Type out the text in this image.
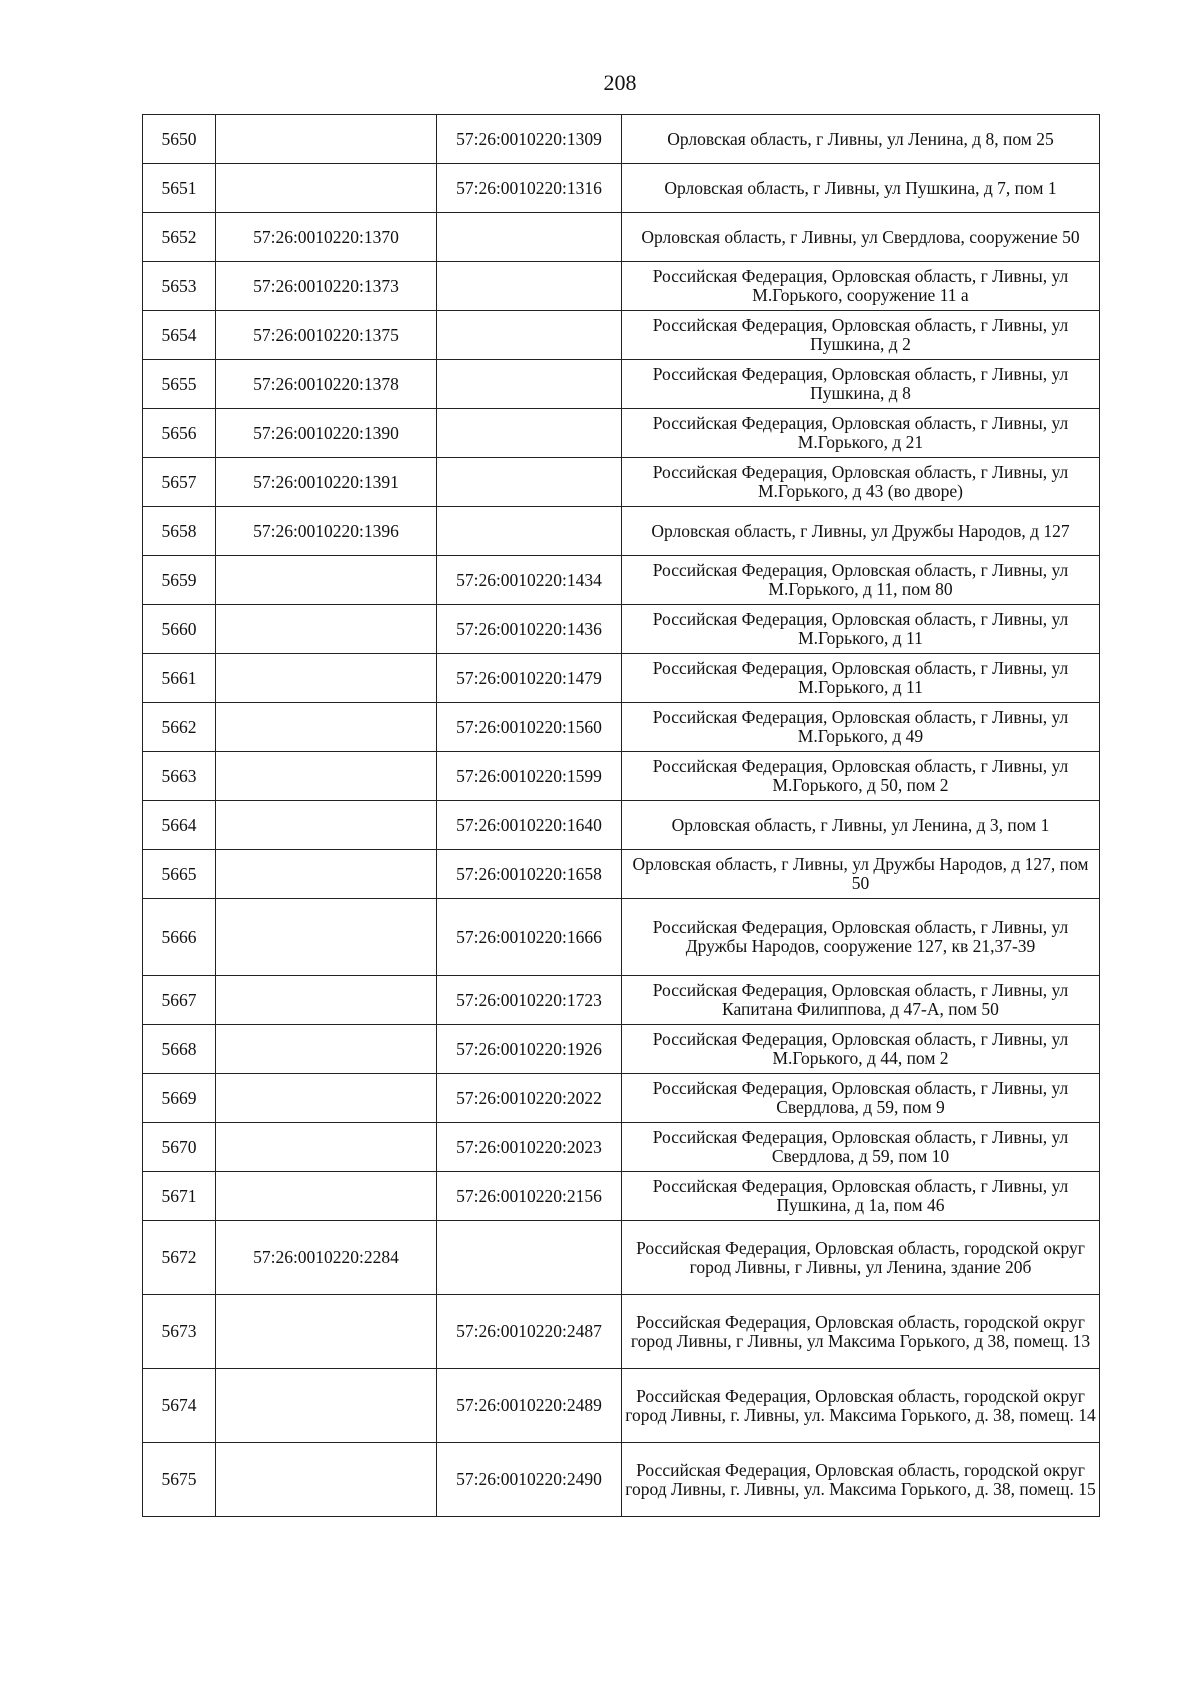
208
5650		57:26:0010220:1309	Орловская область, г Ливны, ул Ленина, д 8, пом 25
5651		57:26:0010220:1316	Орловская область, г Ливны, ул Пушкина, д 7, пом 1
5652	57:26:0010220:1370		Орловская область, г Ливны, ул Свердлова, сооружение 50
5653	57:26:0010220:1373		Российская Федерация, Орловская область, г Ливны, ул М.Горького, сооружение 11 а
5654	57:26:0010220:1375		Российская Федерация, Орловская область, г Ливны, ул Пушкина, д 2
5655	57:26:0010220:1378		Российская Федерация, Орловская область, г Ливны, ул Пушкина, д 8
5656	57:26:0010220:1390		Российская Федерация, Орловская область, г Ливны, ул М.Горького, д 21
5657	57:26:0010220:1391		Российская Федерация, Орловская область, г Ливны, ул М.Горького, д 43 (во дворе)
5658	57:26:0010220:1396		Орловская область, г Ливны, ул Дружбы Народов, д 127
5659		57:26:0010220:1434	Российская Федерация, Орловская область, г Ливны, ул М.Горького, д 11, пом 80
5660		57:26:0010220:1436	Российская Федерация, Орловская область, г Ливны, ул М.Горького, д 11
5661		57:26:0010220:1479	Российская Федерация, Орловская область, г Ливны, ул М.Горького, д 11
5662		57:26:0010220:1560	Российская Федерация, Орловская область, г Ливны, ул М.Горького, д 49
5663		57:26:0010220:1599	Российская Федерация, Орловская область, г Ливны, ул М.Горького, д 50, пом 2
5664		57:26:0010220:1640	Орловская область, г Ливны, ул Ленина, д 3, пом 1
5665		57:26:0010220:1658	Орловская область, г Ливны, ул Дружбы Народов, д 127, пом 50
5666		57:26:0010220:1666	Российская Федерация, Орловская область, г Ливны, ул Дружбы Народов, сооружение 127, кв 21,37-39
5667		57:26:0010220:1723	Российская Федерация, Орловская область, г Ливны, ул Капитана Филиппова, д 47-А, пом 50
5668		57:26:0010220:1926	Российская Федерация, Орловская область, г Ливны, ул М.Горького, д 44, пом 2
5669		57:26:0010220:2022	Российская Федерация, Орловская область, г Ливны, ул Свердлова, д 59, пом 9
5670		57:26:0010220:2023	Российская Федерация, Орловская область, г Ливны, ул Свердлова, д 59, пом 10
5671		57:26:0010220:2156	Российская Федерация, Орловская область, г Ливны, ул Пушкина, д 1а, пом 46
5672	57:26:0010220:2284		Российская Федерация, Орловская область, городской округ город Ливны, г Ливны, ул Ленина, здание 20б
5673		57:26:0010220:2487	Российская Федерация, Орловская область, городской округ город Ливны, г Ливны, ул Максима Горького, д 38, помещ. 13
5674		57:26:0010220:2489	Российская Федерация, Орловская область, городской округ город Ливны, г. Ливны, ул. Максима Горького, д. 38, помещ. 14
5675		57:26:0010220:2490	Российская Федерация, Орловская область, городской округ город Ливны, г. Ливны, ул. Максима Горького, д. 38, помещ. 15
